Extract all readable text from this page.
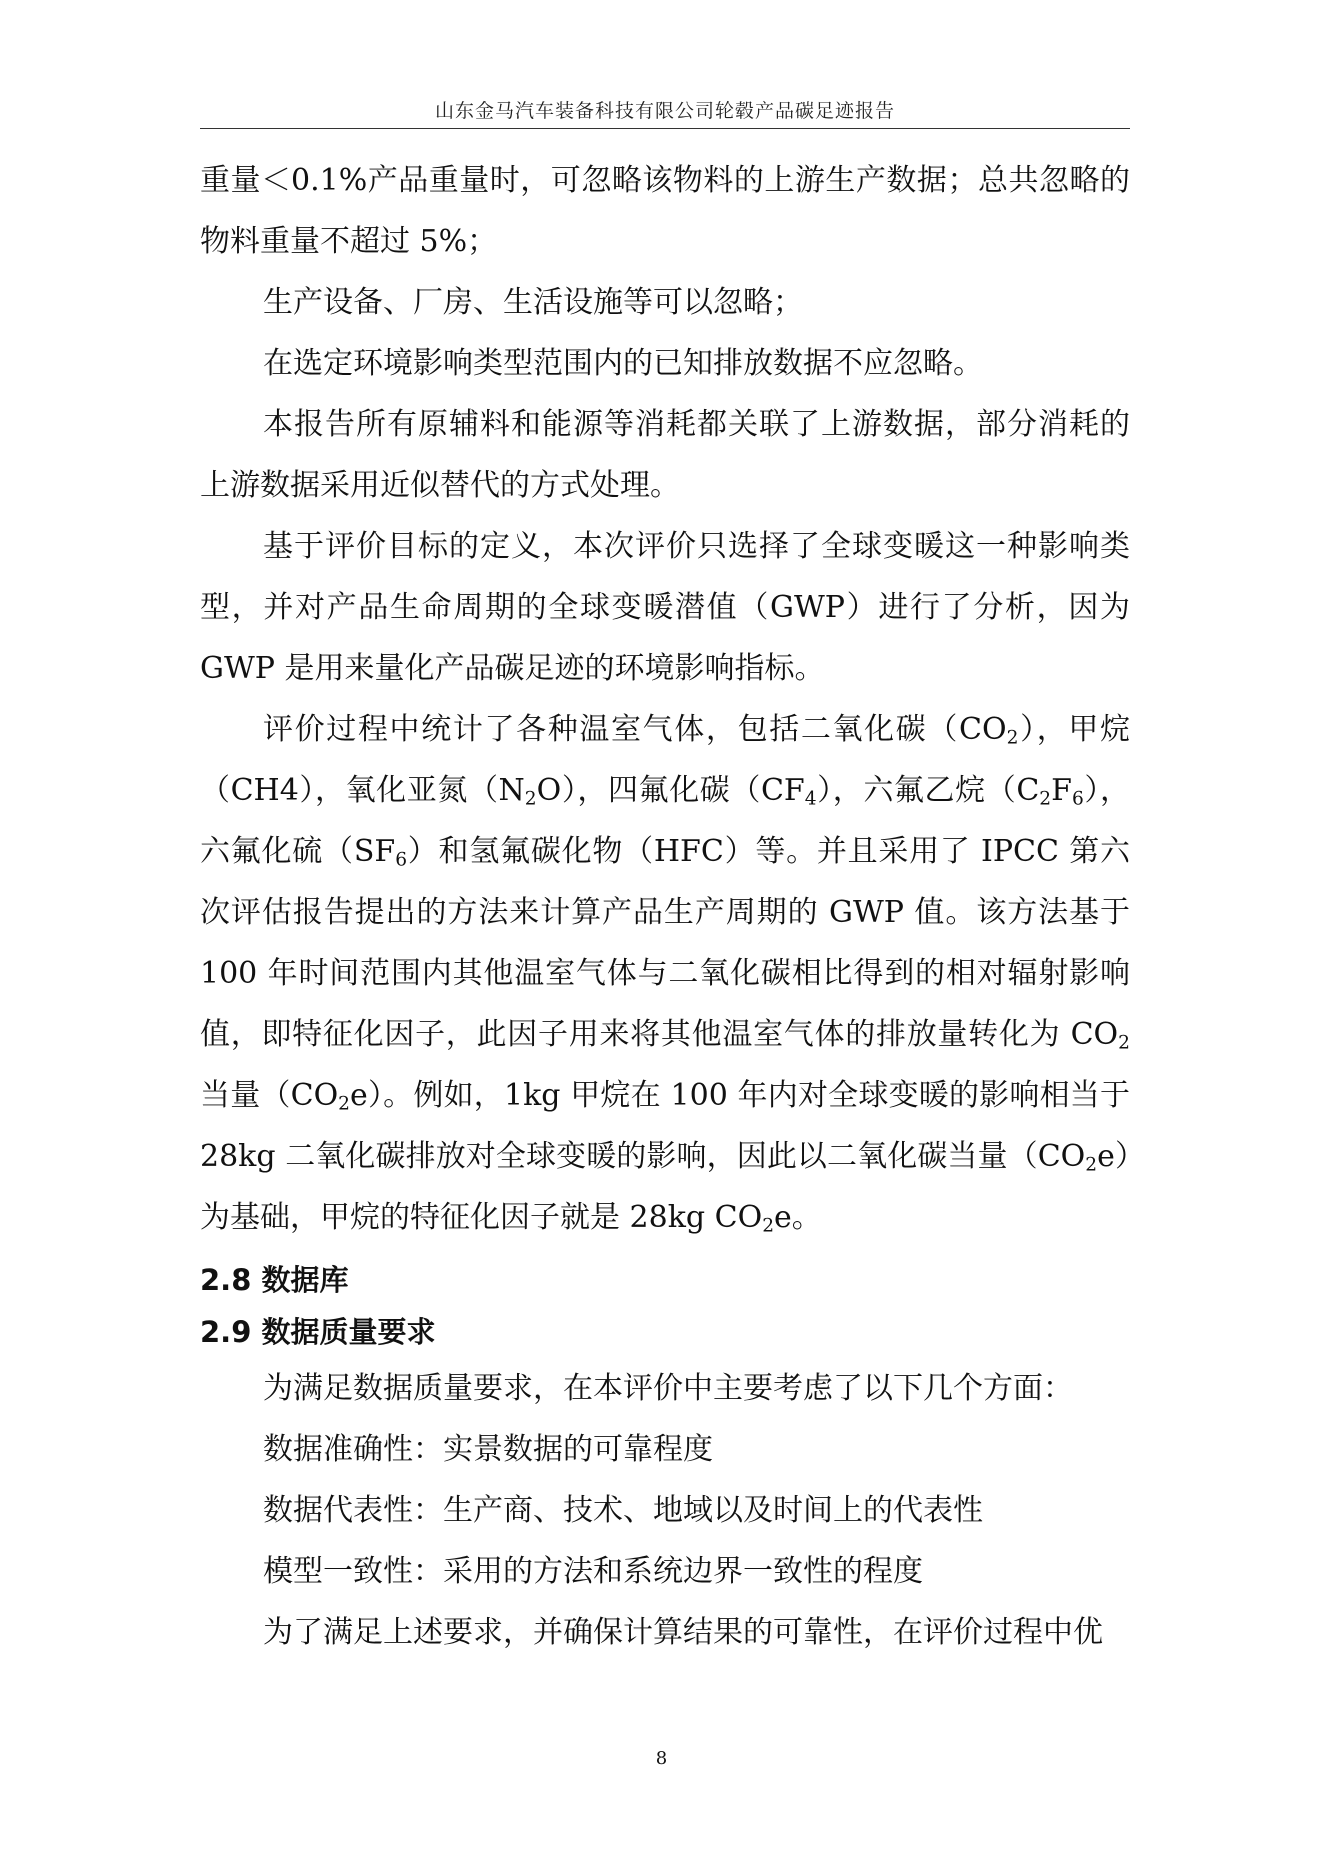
山东金马汽车装备科技有限公司轮毂产品碳足迹报告

重量＜0.1%产品重量时，可忽略该物料的上游生产数据；总共忽略的物料重量不超过 5%；

生产设备、厂房、生活设施等可以忽略；

在选定环境影响类型范围内的已知排放数据不应忽略。

本报告所有原辅料和能源等消耗都关联了上游数据，部分消耗的上游数据采用近似替代的方式处理。

基于评价目标的定义，本次评价只选择了全球变暖这一种影响类型，并对产品生命周期的全球变暖潜值（GWP）进行了分析，因为 GWP 是用来量化产品碳足迹的环境影响指标。

评价过程中统计了各种温室气体，包括二氧化碳$(CO_2)$，甲烷（CH4），氧化亚氮$(N_2O)$，四氟化碳$(CF_4)$，六氟乙烷$(C_2F_6)$，六氟化硫$(SF_6)$和氢氟碳化物（HFC）等。并且采用了 IPCC 第六次评估报告提出的方法来计算产品生产周期的 GWP 值。该方法基于 100 年时间范围内其他温室气体与二氧化碳相比得到的相对辐射影响值，即特征化因子，此因子用来将其他温室气体的排放量转化为 $CO_2$ 当量$(CO_2e)$。例如，1kg 甲烷在 100 年内对全球变暖的影响相当于 28kg 二氧化碳排放对全球变暖的影响，因此以二氧化碳当量$(CO_2e)$为基础，甲烷的特征化因子就是 28kg $CO_2e$。

2.8 数据库

2.9 数据质量要求

为满足数据质量要求，在本评价中主要考虑了以下几个方面：

数据准确性：实景数据的可靠程度

数据代表性：生产商、技术、地域以及时间上的代表性

模型一致性：采用的方法和系统边界一致性的程度

为了满足上述要求，并确保计算结果的可靠性，在评价过程中优

8
